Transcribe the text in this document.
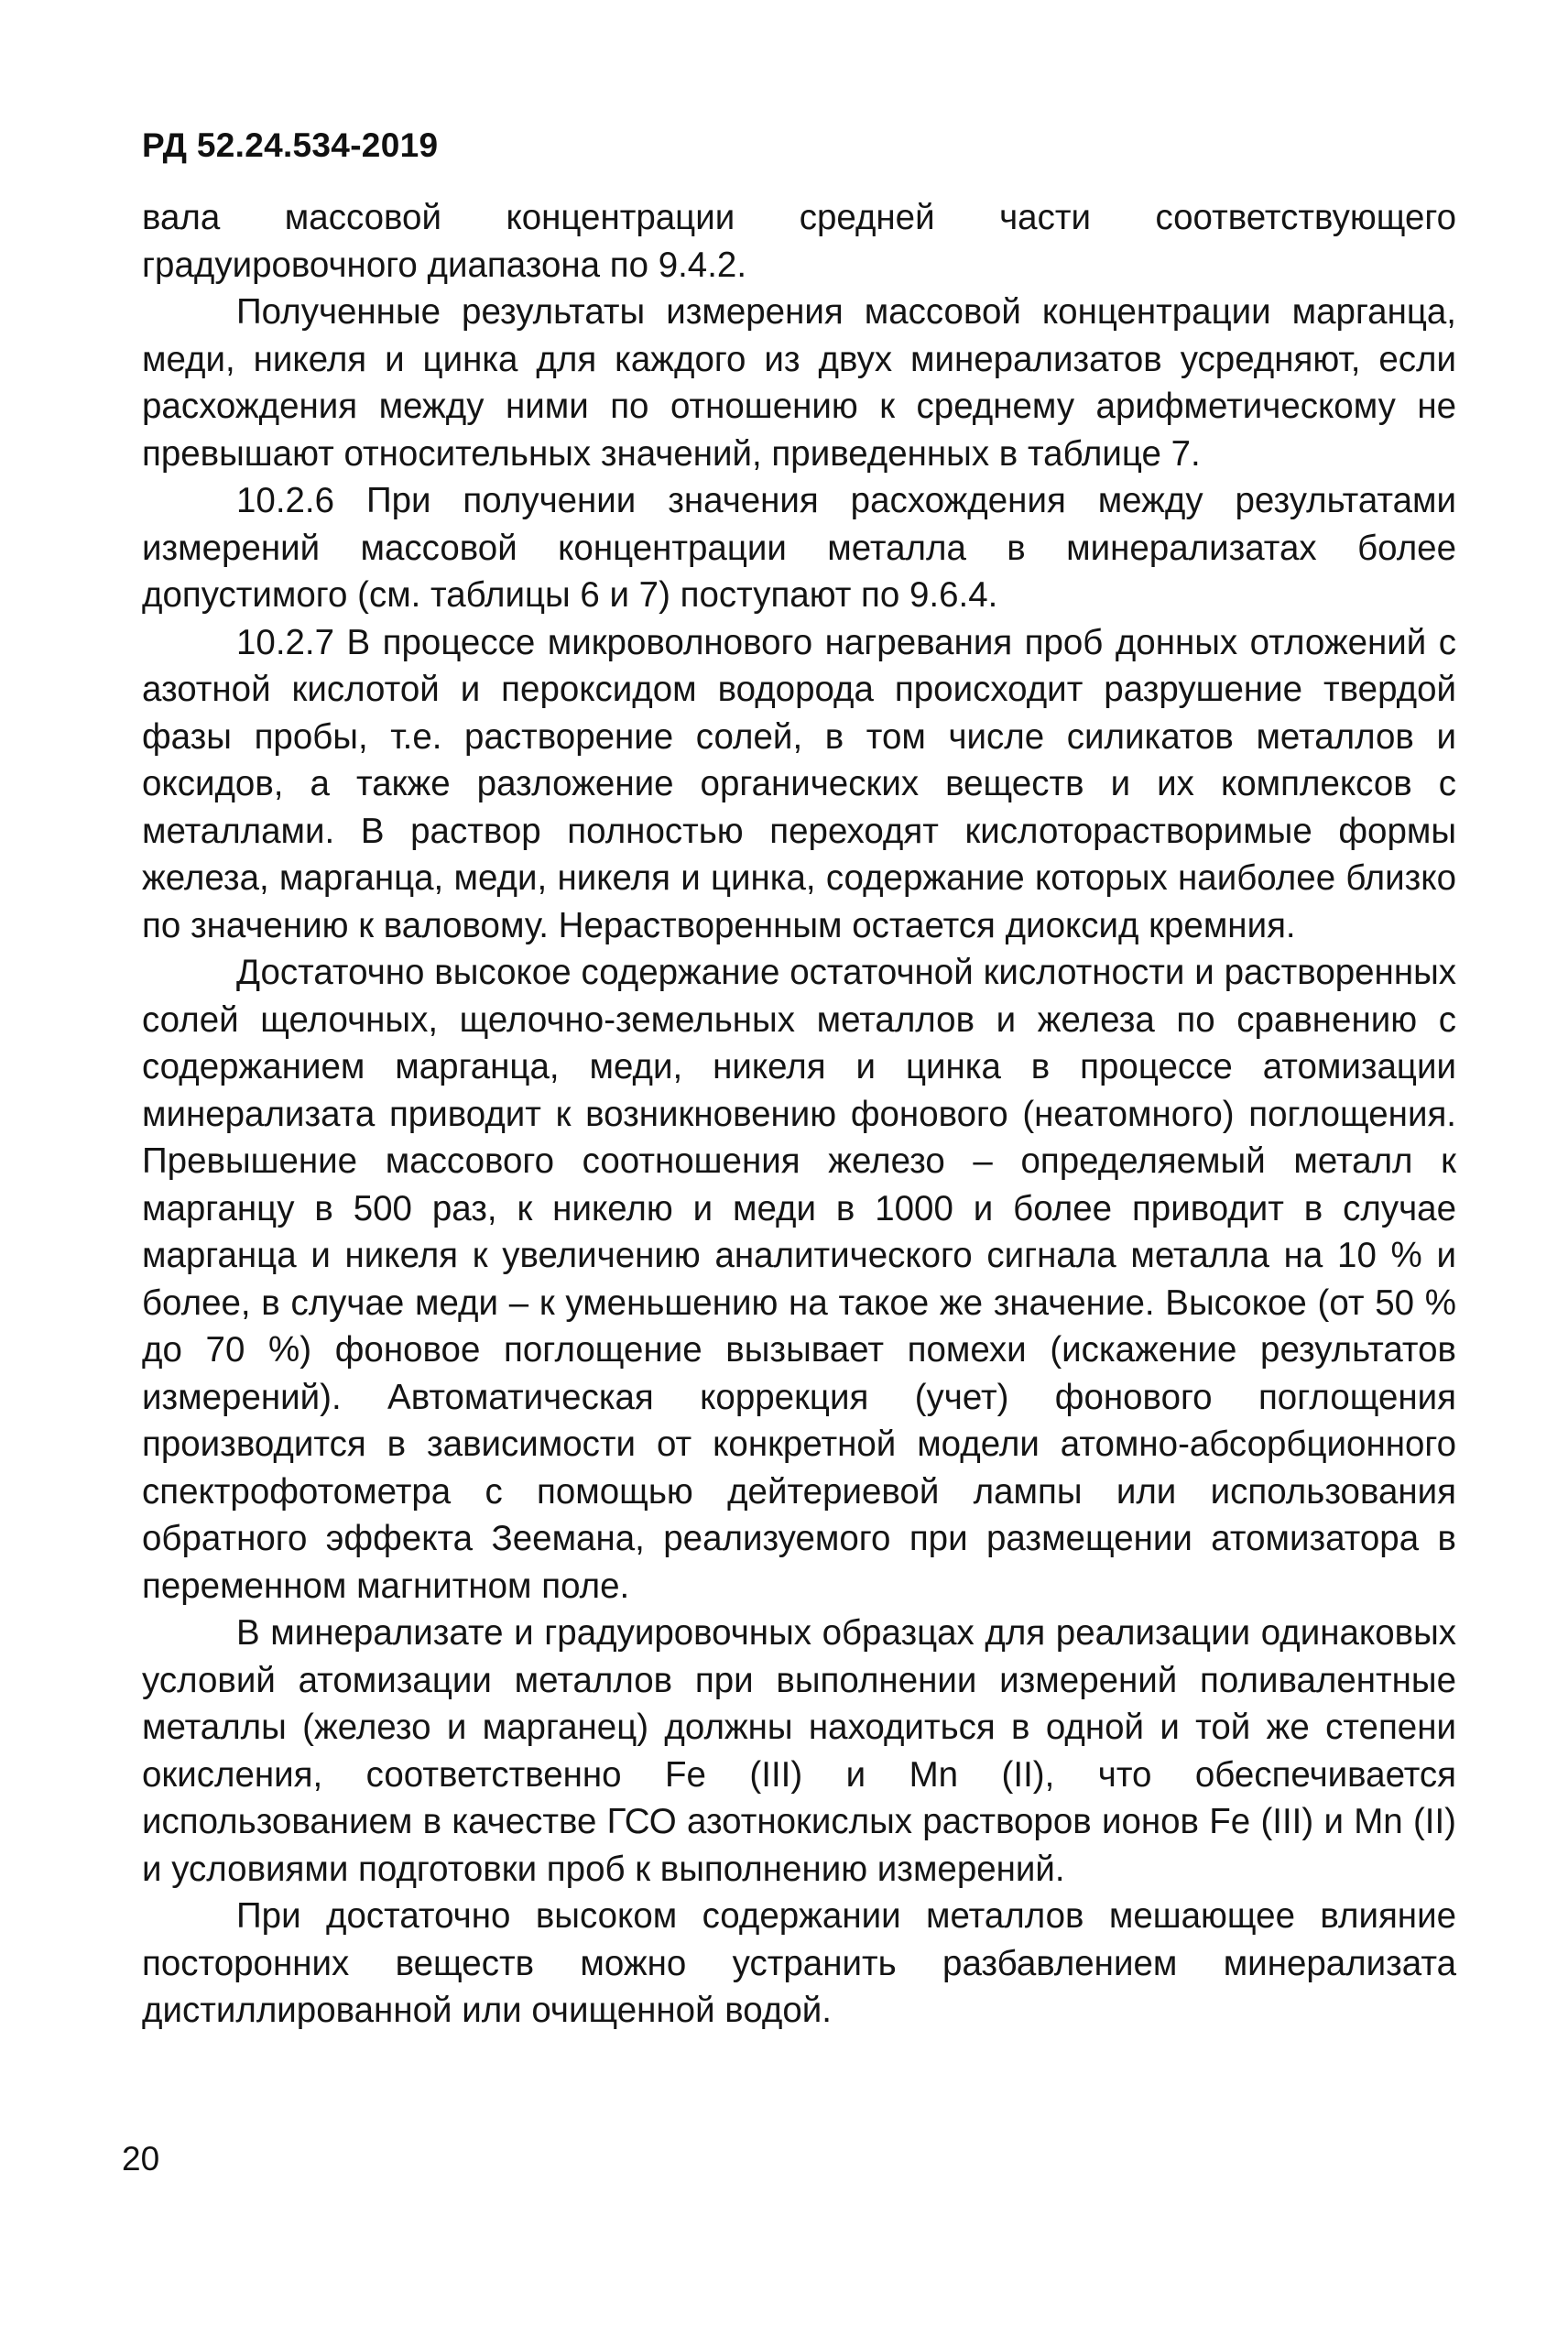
РД 52.24.534-2019

вала массовой концентрации средней части соответствующего градуировочного диапазона по 9.4.2.

Полученные результаты измерения массовой концентрации марганца, меди, никеля и цинка для каждого из двух минерализатов усредняют, если расхождения между ними по отношению к среднему арифметическому не превышают относительных значений, приведенных в таблице 7.

10.2.6 При получении значения расхождения между результатами измерений массовой концентрации металла в минерализатах более допустимого (см. таблицы 6 и 7) поступают по 9.6.4.

10.2.7 В процессе микроволнового нагревания проб донных отложений с азотной кислотой и пероксидом водорода происходит разрушение твердой фазы пробы, т.е. растворение солей, в том числе силикатов металлов и оксидов, а также разложение органических веществ и их комплексов с металлами. В раствор полностью переходят кислоторастворимые формы железа, марганца, меди, никеля и цинка, содержание которых наиболее близко по значению к валовому. Нерастворенным остается диоксид кремния.

Достаточно высокое содержание остаточной кислотности и растворенных солей щелочных, щелочно-земельных металлов и железа по сравнению с содержанием марганца, меди, никеля и цинка в процессе атомизации минерализата приводит к возникновению фонового (неатомного) поглощения. Превышение массового соотношения железо – определяемый металл к марганцу в 500 раз, к никелю и меди в 1000 и более приводит в случае марганца и никеля к увеличению аналитического сигнала металла на 10 % и более, в случае меди – к уменьшению на такое же значение. Высокое (от 50 % до 70 %) фоновое поглощение вызывает помехи (искажение результатов измерений). Автоматическая коррекция (учет) фонового поглощения производится в зависимости от конкретной модели атомно-абсорбционного спектрофотометра с помощью дейтериевой лампы или использования обратного эффекта Зеемана, реализуемого при размещении атомизатора в переменном магнитном поле.

В минерализате и градуировочных образцах для реализации одинаковых условий атомизации металлов при выполнении измерений поливалентные металлы (железо и марганец) должны находиться в одной и той же степени окисления, соответственно Fe (III) и Mn (II), что обеспечивается использованием в качестве ГСО азотнокислых растворов ионов Fe (III) и Mn (II) и условиями подготовки проб к выполнению измерений.

При достаточно высоком содержании металлов мешающее влияние посторонних веществ можно устранить разбавлением минерализата дистиллированной или очищенной водой.

20
